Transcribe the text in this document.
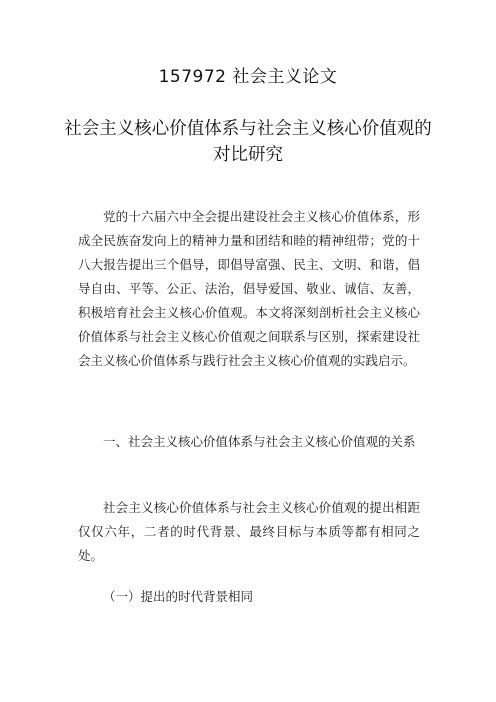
157972 社会主义论文
社会主义核心价值体系与社会主义核心价值观的对比研究
党的十六届六中全会提出建设社会主义核心价值体系，形成全民族奋发向上的精神力量和团结和睦的精神纽带；党的十八大报告提出三个倡导，即倡导富强、民主、文明、和谐，倡导自由、平等、公正、法治，倡导爱国、敬业、诚信、友善，积极培育社会主义核心价值观。本文将深刻剖析社会主义核心价值体系与社会主义核心价值观之间联系与区别，探索建设社会主义核心价值体系与践行社会主义核心价值观的实践启示。
一、社会主义核心价值体系与社会主义核心价值观的关系
社会主义核心价值体系与社会主义核心价值观的提出相距仅仅六年，二者的时代背景、最终目标与本质等都有相同之处。
（一）提出的时代背景相同
